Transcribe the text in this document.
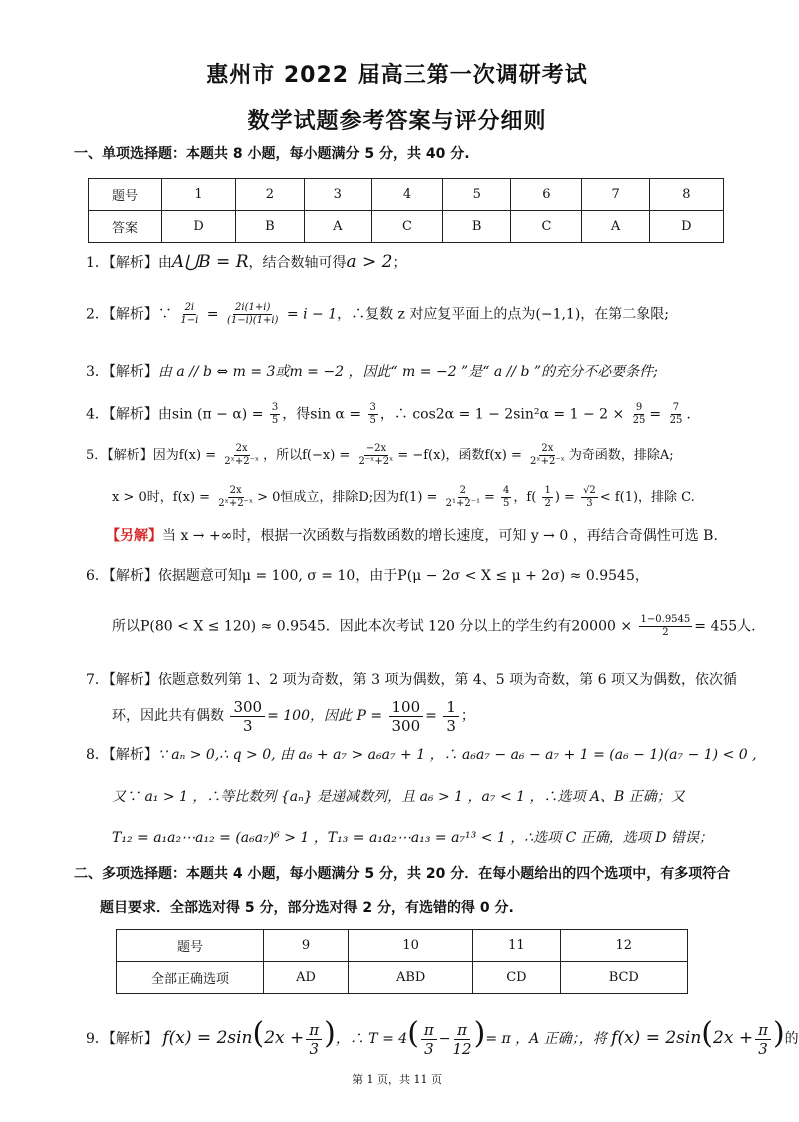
惠州市 2022 届高三第一次调研考试
数学试题参考答案与评分细则
一、单项选择题：本题共 8 小题，每小题满分 5 分，共 40 分.
题号	1	2	3	4	5	6	7	8
答案	D	B	A	C	B	C	A	D
1．【解析】由A⋃B = R，结合数轴可得a > 2；
2．【解析】∵ $\frac{2i}{1-i} = \frac{2i(1+i)}{(1-i)(1+i)} = i - 1$，∴复数 z 对应复平面上的点为(−1,1)，在第二象限;
3．【解析】由 a // b ⇔ m = 3或m = −2 ，因此“ m = −2 ”是“ a // b ”的充分不必要条件;
4．【解析】由$\sin (\pi - \alpha) = \frac{3}{5}$ ，得$\sin \alpha = \frac{3}{5}$ ，∴ $\cos 2\alpha = 1 - 2\sin^2\alpha = 1 - 2 \times \frac{9}{25} = \frac{7}{25}$ .
5．【解析】因为$f(x) = \frac{2x}{\text{2ˣ+2⁻ˣ}}$ ，所以$f(-x) = \frac{-2x}{\text{2⁻ˣ+2ˣ}} = -f(x)$，函数$f(x) = \frac{2x}{\text{2ˣ+2⁻ˣ}}$ 为奇函数，排除A;
x > 0时，$f(x) = \frac{2x}{\text{2ˣ+2⁻ˣ}} > 0$恒成立，排除D;因为$f(1) = \frac{2}{\text{2¹+2⁻¹}} = \frac{4}{5}$ ，$f( \frac{1}{2}$ ) = $\frac{√2}{3} < f(1)$，排除 C.
【另解】当 x → +∞时，根据一次函数与指数函数的增长速度，可知 y → 0 ，再结合奇偶性可选 B.
6．【解析】依据题意可知μ = 100, σ = 10，由于P(μ − 2σ < X ≤ μ + 2σ) ≈ 0.9545，
所以P(80 < X ≤ 120) ≈ 0.9545．因此本次考试 120 分以上的学生约有$20000 \times \frac{1-0.9545}{2} = 455$人.
7．【解析】依题意数列第 1、2 项为奇数，第 3 项为偶数，第 4、5 项为奇数，第 6 项又为偶数，依次循
环，因此共有偶数 $\frac{300}{3} = 100$，因此 $P = \frac{100}{300} = \frac{1}{3}$ ；
8．【解析】∵ aₙ > 0,∴ q > 0, 由 a₆ + a₇ > a₆a₇ + 1 ，∴ a₆a₇ − a₆ − a₇ + 1 = (a₆ − 1)(a₇ − 1) < 0 ,
又∵ a₁ > 1 ，∴等比数列 {aₙ} 是递减数列，且 a₆ > 1 ，a₇ < 1 ，∴选项 A、B 正确；又
T₁₂ = a₁a₂⋯a₁₂ = (a₆a₇)⁶ > 1 ，T₁₃ = a₁a₂⋯a₁₃ = a₇¹³ < 1 ，∴选项 C 正确，选项 D 错误；
二、多项选择题：本题共 4 小题，每小题满分 5 分，共 20 分．在每小题给出的四个选项中，有多项符合
题目要求．全部选对得 5 分，部分选对得 2 分，有选错的得 0 分.
题号	9	10	11	12
全部正确选项	AD	ABD	CD	BCD
9．【解析】 $f(x) = 2\sin(2x + \frac{\pi}{3}$ )，∴ $T = 4( \frac{\pi}{3} - \frac{\pi}{12}$ )= π ，A 正确；，将 $f(x) = 2\sin(2x + \frac{\pi}{3}$ )的
第 1 页，共 11 页
